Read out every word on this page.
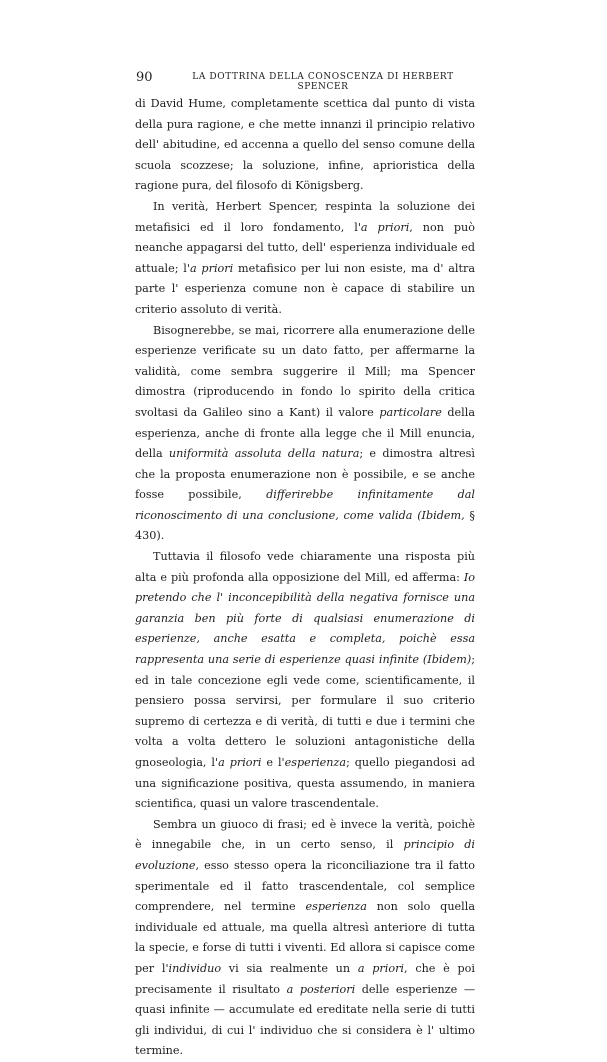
90	LA DOTTRINA DELLA CONOSCENZA DI HERBERT SPENCER

di David Hume, completamente scettica dal punto di vista della pura ragione, e che mette innanzi il principio relativo dell' abitudine, ed accenna a quello del senso comune della scuola scozzese; la soluzione, infine, aprioristica della ragione pura, del filosofo di Königsberg.

In verità, Herbert Spencer, respinta la soluzione dei metafisici ed il loro fondamento, l'a priori, non può neanche appagarsi del tutto, dell' esperienza individuale ed attuale; l'a priori metafisico per lui non esiste, ma d' altra parte l' esperienza comune non è capace di stabilire un criterio assoluto di verità.

Bisognerebbe, se mai, ricorrere alla enumerazione delle esperienze verificate su un dato fatto, per affermarne la validità, come sembra suggerire il Mill; ma Spencer dimostra (riproducendo in fondo lo spirito della critica svoltasi da Galileo sino a Kant) il valore particolare della esperienza, anche di fronte alla legge che il Mill enuncia, della uniformità assoluta della natura; e dimostra altresì che la proposta enumerazione non è possibile, e se anche fosse possibile, differirebbe infinitamente dal riconoscimento di una conclusione, come valida (Ibidem, § 430).

Tuttavia il filosofo vede chiaramente una risposta più alta e più profonda alla opposizione del Mill, ed afferma: Io pretendo che l' inconcepibilità della negativa fornisce una garanzia ben più forte di qualsiasi enumerazione di esperienze, anche esatta e completa, poichè essa rappresenta una serie di esperienze quasi infinite (Ibidem); ed in tale concezione egli vede come, scientificamente, il pensiero possa servirsi, per formulare il suo criterio supremo di certezza e di verità, di tutti e due i termini che volta a volta dettero le soluzioni antagonistiche della gnoseologia, l'a priori e l'esperienza; quello piegandosi ad una significazione positiva, questa assumendo, in maniera scientifica, quasi un valore trascendentale.

Sembra un giuoco di frasi; ed è invece la verità, poichè è innegabile che, in un certo senso, il principio di evoluzione, esso stesso opera la riconciliazione tra il fatto sperimentale ed il fatto trascendentale, col semplice comprendere, nel termine esperienza non solo quella individuale ed attuale, ma quella altresì anteriore di tutta la specie, e forse di tutti i viventi. Ed allora si capisce come per l'individuo vi sia realmente un a priori, che è poi precisamente il risultato a posteriori delle esperienze — quasi infinite — accumulate ed ereditate nella serie di tutti gli individui, di cui l' individuo che si considera è l' ultimo termine.
